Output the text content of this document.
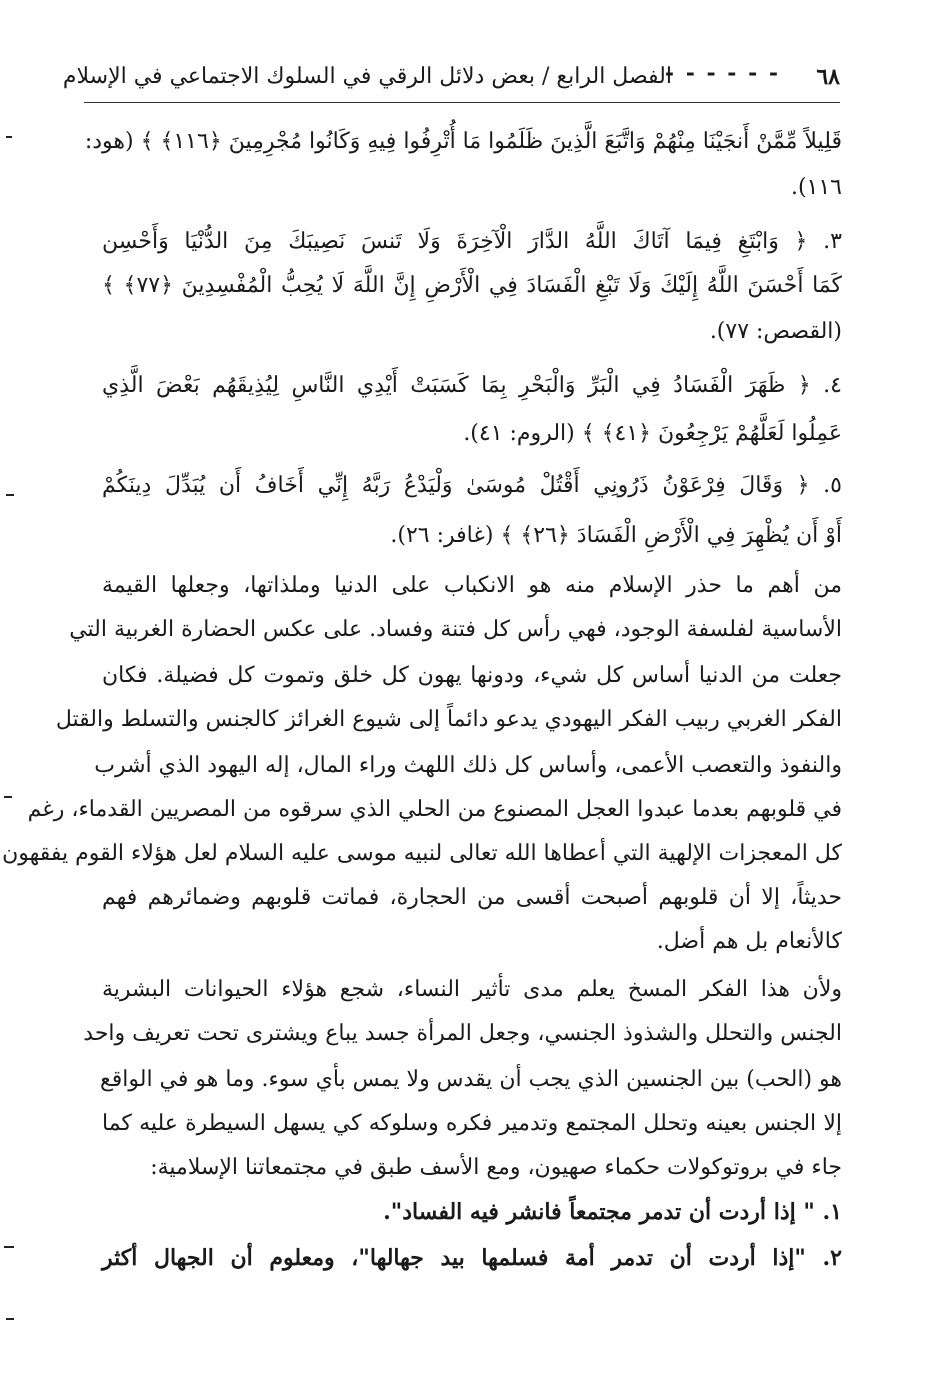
٦٨
- - - - - -
الفصل الرابع / بعض دلائل الرقي في السلوك الاجتماعي في الإسلام
قَلِيلاً مِّمَّنْ أَنجَيْنَا مِنْهُمْ وَاتَّبَعَ الَّذِينَ ظَلَمُوا مَا أُتْرِفُوا فِيهِ وَكَانُوا مُجْرِمِينَ ﴿١١٦﴾ ﴾ (هود:
١١٦).
٣. ﴿ وَابْتَغِ فِيمَا آتَاكَ اللَّهُ الدَّارَ الْآخِرَةَ وَلَا تَنسَ نَصِيبَكَ مِنَ الدُّنْيَا وَأَحْسِن
كَمَا أَحْسَنَ اللَّهُ إِلَيْكَ وَلَا تَبْغِ الْفَسَادَ فِي الْأَرْضِ إِنَّ اللَّهَ لَا يُحِبُّ الْمُفْسِدِينَ ﴿٧٧﴾ ﴾
(القصص: ٧٧).
٤. ﴿ ظَهَرَ الْفَسَادُ فِي الْبَرِّ وَالْبَحْرِ بِمَا كَسَبَتْ أَيْدِي النَّاسِ لِيُذِيقَهُم بَعْضَ الَّذِي
عَمِلُوا لَعَلَّهُمْ يَرْجِعُونَ ﴿٤١﴾ ﴾ (الروم: ٤١).
٥. ﴿ وَقَالَ فِرْعَوْنُ ذَرُونِي أَقْتُلْ مُوسَىٰ وَلْيَدْعُ رَبَّهُ إِنِّي أَخَافُ أَن يُبَدِّلَ دِينَكُمْ
أَوْ أَن يُظْهِرَ فِي الْأَرْضِ الْفَسَادَ ﴿٢٦﴾ ﴾ (غافر: ٢٦).
من أهم ما حذر الإسلام منه هو الانكباب على الدنيا وملذاتها، وجعلها القيمة
الأساسية لفلسفة الوجود، فهي رأس كل فتنة وفساد. على عكس الحضارة الغربية التي
جعلت من الدنيا أساس كل شيء، ودونها يهون كل خلق وتموت كل فضيلة. فكان
الفكر الغربي ربيب الفكر اليهودي يدعو دائماً إلى شيوع الغرائز كالجنس والتسلط والقتل
والنفوذ والتعصب الأعمى، وأساس كل ذلك اللهث وراء المال، إله اليهود الذي أشرب
في قلوبهم بعدما عبدوا العجل المصنوع من الحلي الذي سرقوه من المصريين القدماء، رغم
كل المعجزات الإلهية التي أعطاها الله تعالى لنبيه موسى عليه السلام لعل هؤلاء القوم يفقهون
حديثاً، إلا أن قلوبهم أصبحت أقسى من الحجارة، فماتت قلوبهم وضمائرهم فهم
كالأنعام بل هم أضل.
ولأن هذا الفكر المسخ يعلم مدى تأثير النساء، شجع هؤلاء الحيوانات البشرية
الجنس والتحلل والشذوذ الجنسي، وجعل المرأة جسد يباع ويشترى تحت تعريف واحد
هو (الحب) بين الجنسين الذي يجب أن يقدس ولا يمس بأي سوء. وما هو في الواقع
إلا الجنس بعينه وتحلل المجتمع وتدمير فكره وسلوكه كي يسهل السيطرة عليه كما
جاء في بروتوكولات حكماء صهيون، ومع الأسف طبق في مجتمعاتنا الإسلامية:
١. " إذا أردت أن تدمر مجتمعاً فانشر فيه الفساد".
٢. "إذا أردت أن تدمر أمة فسلمها بيد جهالها"، ومعلوم أن الجهال أكثر
